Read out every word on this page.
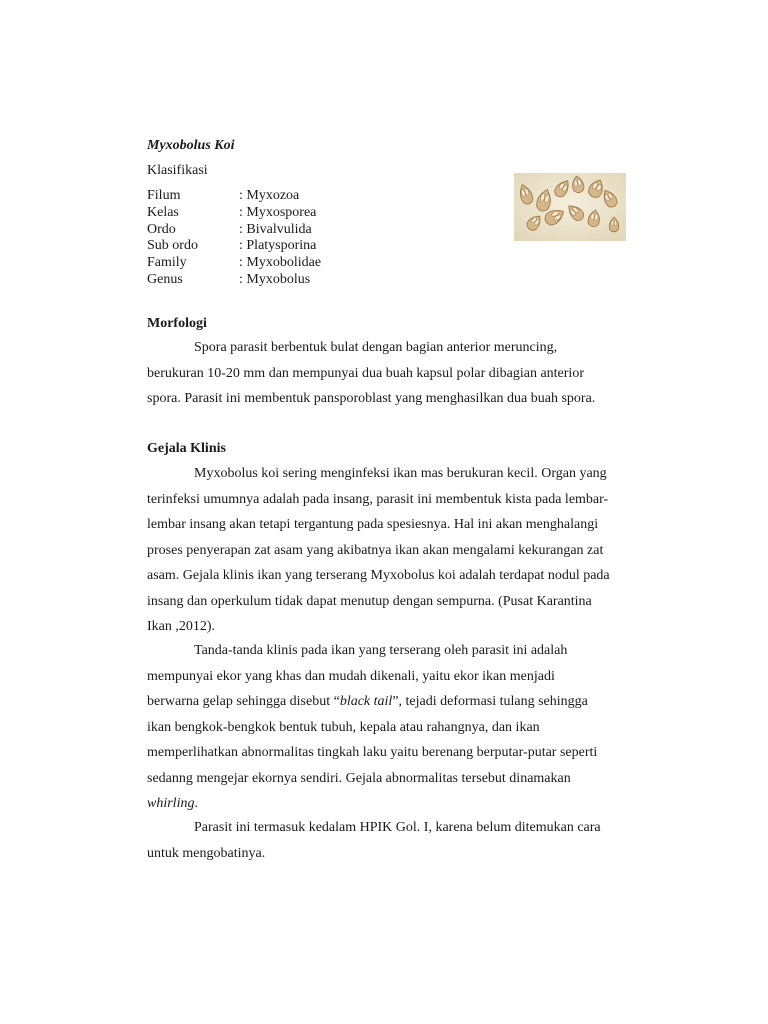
Myxobolus Koi
Klasifikasi
Filum	: Myxozoa
Kelas	: Myxosporea
Ordo	: Bivalvulida
Sub ordo	: Platysporina
Family	: Myxobolidae
Genus	: Myxobolus
Morfologi
Spora parasit berbentuk bulat dengan bagian anterior meruncing,
berukuran 10-20 mm dan mempunyai dua buah kapsul polar dibagian anterior
spora. Parasit ini membentuk pansporoblast yang menghasilkan dua buah spora.
Gejala Klinis
Myxobolus koi sering menginfeksi ikan mas berukuran kecil. Organ yang
terinfeksi umumnya adalah pada insang, parasit ini membentuk kista pada lembar-
lembar insang akan tetapi tergantung pada spesiesnya. Hal ini akan menghalangi
proses penyerapan zat asam yang akibatnya ikan akan mengalami kekurangan zat
asam. Gejala klinis ikan yang terserang Myxobolus koi adalah terdapat nodul pada
insang dan operkulum tidak dapat menutup dengan sempurna. (Pusat Karantina
Ikan ,2012).
Tanda-tanda klinis pada ikan yang terserang oleh parasit ini adalah
mempunyai ekor yang khas dan mudah dikenali, yaitu ekor ikan menjadi
berwarna gelap sehingga disebut “black tail”, tejadi deformasi tulang sehingga
ikan bengkok-bengkok bentuk tubuh, kepala atau rahangnya, dan ikan
memperlihatkan abnormalitas tingkah laku yaitu berenang berputar-putar seperti
sedanng mengejar ekornya sendiri. Gejala abnormalitas tersebut dinamakan
whirling.
Parasit ini termasuk kedalam HPIK Gol. I, karena belum ditemukan cara
untuk mengobatinya.
